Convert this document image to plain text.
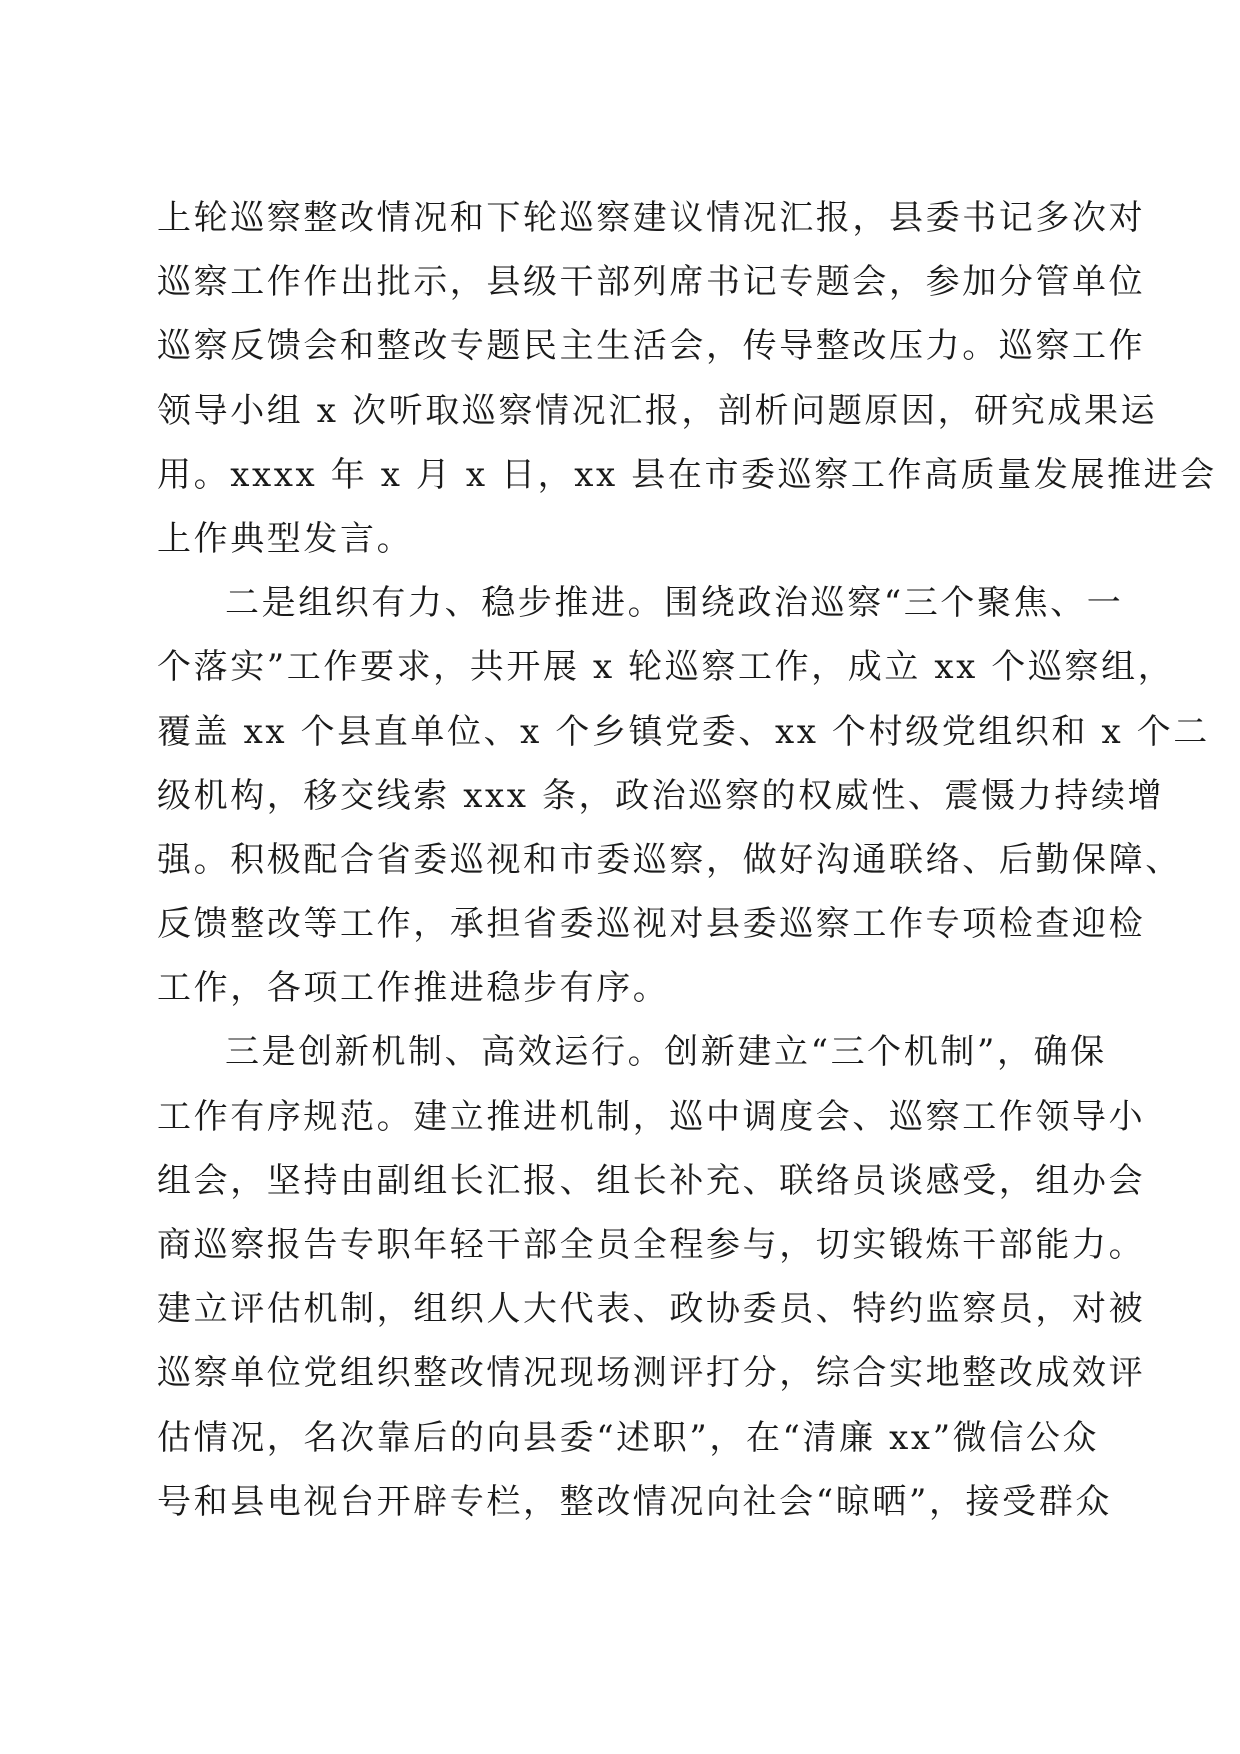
上轮巡察整改情况和下轮巡察建议情况汇报，县委书记多次对
巡察工作作出批示，县级干部列席书记专题会，参加分管单位
巡察反馈会和整改专题民主生活会，传导整改压力。巡察工作
领导小组 x 次听取巡察情况汇报，剖析问题原因，研究成果运
用。xxxx 年 x 月 x 日，xx 县在市委巡察工作高质量发展推进会
上作典型发言。
二是组织有力、稳步推进。围绕政治巡察“三个聚焦、一
个落实”工作要求，共开展 x 轮巡察工作，成立 xx 个巡察组，
覆盖 xx 个县直单位、x 个乡镇党委、xx 个村级党组织和 x 个二
级机构，移交线索 xxx 条，政治巡察的权威性、震慑力持续增
强。积极配合省委巡视和市委巡察，做好沟通联络、后勤保障、
反馈整改等工作，承担省委巡视对县委巡察工作专项检查迎检
工作，各项工作推进稳步有序。
三是创新机制、高效运行。创新建立“三个机制”，确保
工作有序规范。建立推进机制，巡中调度会、巡察工作领导小
组会，坚持由副组长汇报、组长补充、联络员谈感受，组办会
商巡察报告专职年轻干部全员全程参与，切实锻炼干部能力。
建立评估机制，组织人大代表、政协委员、特约监察员，对被
巡察单位党组织整改情况现场测评打分，综合实地整改成效评
估情况，名次靠后的向县委“述职”，在“清廉 xx”微信公众
号和县电视台开辟专栏，整改情况向社会“晾晒”，接受群众
